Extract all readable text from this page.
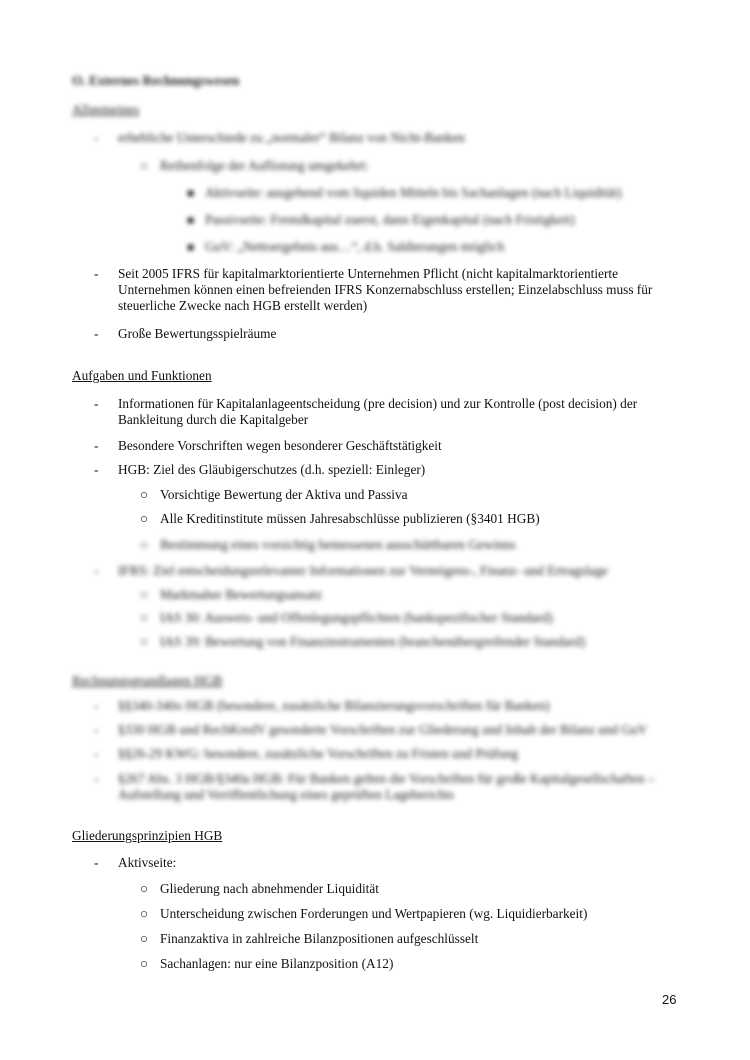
O. Externes Rechnungswesen
Allgemeines
- erhebliche Unterschiede zu „normaler“ Bilanz von Nicht-Banken
○ Reihenfolge der Auflistung umgekehrt:
■ Aktivseite: ausgehend vom liquiden Mitteln bis Sachanlagen (nach Liquidität)
■ Passivseite: Fremdkapital zuerst, dann Eigenkapital (nach Fristigkeit)
■ GuV: „Nettoergebnis aus…“, d.h. Saldierungen möglich
- Seit 2005 IFRS für kapitalmarktorientierte Unternehmen Pflicht (nicht kapitalmarktorientierte Unternehmen können einen befreienden IFRS Konzernabschluss erstellen; Einzelabschluss muss für steuerliche Zwecke nach HGB erstellt werden)
- Große Bewertungsspielräume
Aufgaben und Funktionen
- Informationen für Kapitalanlageentscheidung (pre decision) und zur Kontrolle (post decision) der Bankleitung durch die Kapitalgeber
- Besondere Vorschriften wegen besonderer Geschäftstätigkeit
- HGB: Ziel des Gläubigerschutzes (d.h. speziell: Einleger)
○ Vorsichtige Bewertung der Aktiva und Passiva
○ Alle Kreditinstitute müssen Jahresabschlüsse publizieren (§3401 HGB)
○ Bestimmung eines vorsichtig bemessenen ausschüttbaren Gewinns
- IFRS: Ziel entscheidungsrelevanter Informationen zur Vermögens-, Finanz- und Ertragslage
○ Marktnaher Bewertungsansatz
○ IAS 30: Ausweis- und Offenlegungspflichten (bankspezifischer Standard)
○ IAS 39: Bewertung von Finanzinstrumenten (branchenübergreifender Standard)
Rechnungsgrundlagen HGB
- §§340-340o HGB (besondere, zusätzliche Bilanzierungsvorschriften für Banken)
- §330 HGB und RechKredV gesonderte Vorschriften zur Gliederung und Inhalt der Bilanz und GuV
- §§26-29 KWG: besondere, zusätzliche Vorschriften zu Fristen und Prüfung
- §267 Abs. 3 HGB/§340a HGB: Für Banken gelten die Vorschriften für große Kapitalgesellschaften – Aufstellung und Veröffentlichung eines geprüften Lageberichts
Gliederungsprinzipien HGB
- Aktivseite:
○ Gliederung nach abnehmender Liquidität
○ Unterscheidung zwischen Forderungen und Wertpapieren (wg. Liquidierbarkeit)
○ Finanzaktiva in zahlreiche Bilanzpositionen aufgeschlüsselt
○ Sachanlagen: nur eine Bilanzposition (A12)
26
